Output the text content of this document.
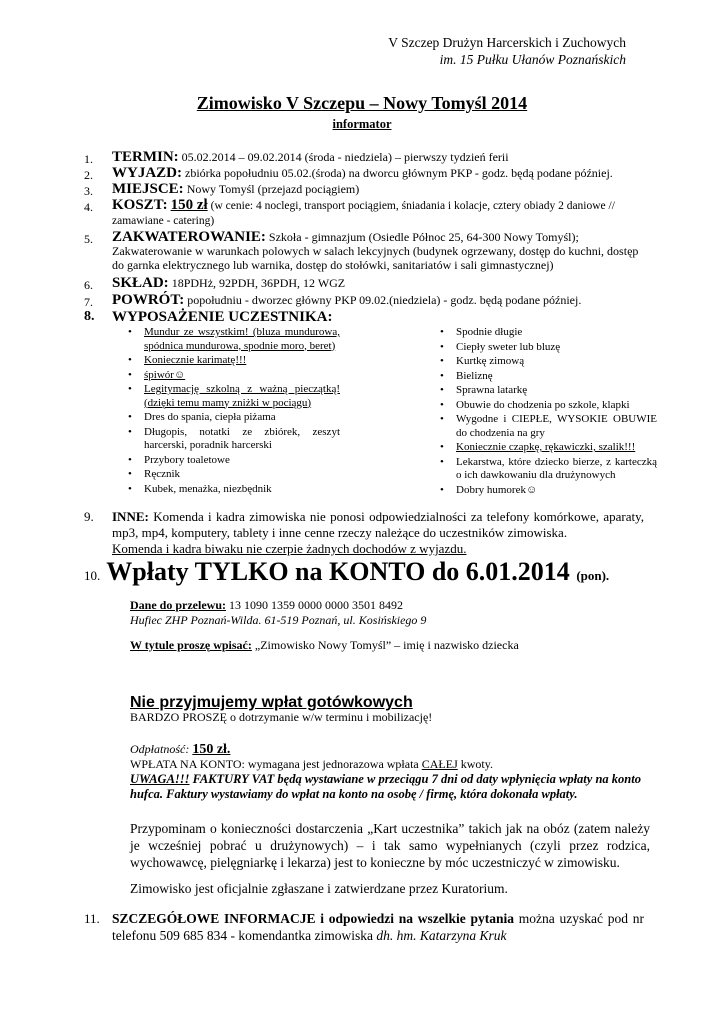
V Szczep Drużyn Harcerskich i Zuchowych
im. 15 Pułku Ułanów Poznańskich
Zimowisko V Szczepu – Nowy Tomyśl 2014
informator
1. TERMIN: 05.02.2014 – 09.02.2014 (środa - niedziela) – pierwszy tydzień ferii
2. WYJAZD: zbiórka popołudniu 05.02.(środa) na dworcu głównym PKP - godz. będą podane później.
3. MIEJSCE: Nowy Tomyśl (przejazd pociągiem)
4. KOSZT: 150 zł (w cenie: 4 noclegi, transport pociągiem, śniadania i kolacje, cztery obiady 2 daniowe // zamawiane - catering)
5. ZAKWATEROWANIE: Szkoła - gimnazjum (Osiedle Północ 25, 64-300 Nowy Tomyśl); Zakwaterowanie w warunkach polowych w salach lekcyjnych (budynek ogrzewany, dostęp do kuchni, dostęp do garnka elektrycznego lub warnika, dostęp do stołówki, sanitariatów i sali gimnastycznej)
6. SKŁAD: 18PDHż, 92PDH, 36PDH, 12 WGZ
7. POWRÓT: popołudniu - dworzec główny PKP 09.02.(niedziela) - godz. będą podane później.
8. WYPOSAŻENIE UCZESTNIKA:
• Mundur ze wszystkim! (bluza mundurowa, spódnica mundurowa, spodnie moro, beret)
• Koniecznie karimatę!!!
• śpiwór☺
• Legitymację szkolną z ważną pieczątką! (dzięki temu mamy zniżki w pociągu)
• Dres do spania, ciepła piżama
• Długopis, notatki ze zbiórek, zeszyt harcerski, poradnik harcerski
• Przybory toaletowe
• Ręcznik
• Kubek, menażka, niezbędnik
• Spodnie długie
• Ciepły sweter lub bluzę
• Kurtkę zimową
• Bieliznę
• Sprawna latarkę
• Obuwie do chodzenia po szkole, klapki
• Wygodne i CIEPŁE, WYSOKIE OBUWIE do chodzenia na gry
• Koniecznie czapkę, rękawiczki, szalik!!!
• Lekarstwa, które dziecko bierze, z karteczką o ich dawkowaniu dla drużynowych
• Dobry humorek☺
9. INNE: Komenda i kadra zimowiska nie ponosi odpowiedzialności za telefony komórkowe, aparaty, mp3, mp4, komputery, tablety i inne cenne rzeczy należące do uczestników zimowiska.
Komenda i kadra biwaku nie czerpie żadnych dochodów z wyjazdu.
10. Wpłaty TYLKO na KONTO do 6.01.2014 (pon).
Dane do przelewu: 13 1090 1359 0000 0000 3501 8492
Hufiec ZHP Poznań-Wilda. 61-519 Poznań, ul. Kosińskiego 9
W tytule proszę wpisać: „Zimowisko Nowy Tomyśl” – imię i nazwisko dziecka
Nie przyjmujemy wpłat gotówkowych
BARDZO PROSZĘ o dotrzymanie w/w terminu i mobilizację!
Odpłatność: 150 zł.
WPŁATA NA KONTO: wymagana jest jednorazowa wpłata CAŁEJ kwoty.
UWAGA!!! FAKTURY VAT będą wystawiane w przeciągu 7 dni od daty wpłynięcia wpłaty na konto hufca. Faktury wystawiamy do wpłat na konto na osobę / firmę, która dokonała wpłaty.
Przypominam o konieczności dostarczenia „Kart uczestnika” takich jak na obóz (zatem należy je wcześniej pobrać u drużynowych) – i tak samo wypełnianych (czyli przez rodzica, wychowawcę, pielęgniarkę i lekarza) jest to konieczne by móc uczestniczyć w zimowisku.
Zimowisko jest oficjalnie zgłaszane i zatwierdzane przez Kuratorium.
11. SZCZEGÓŁOWE INFORMACJE i odpowiedzi na wszelkie pytania można uzyskać pod nr telefonu 509 685 834 - komendantka zimowiska dh. hm. Katarzyna Kruk
